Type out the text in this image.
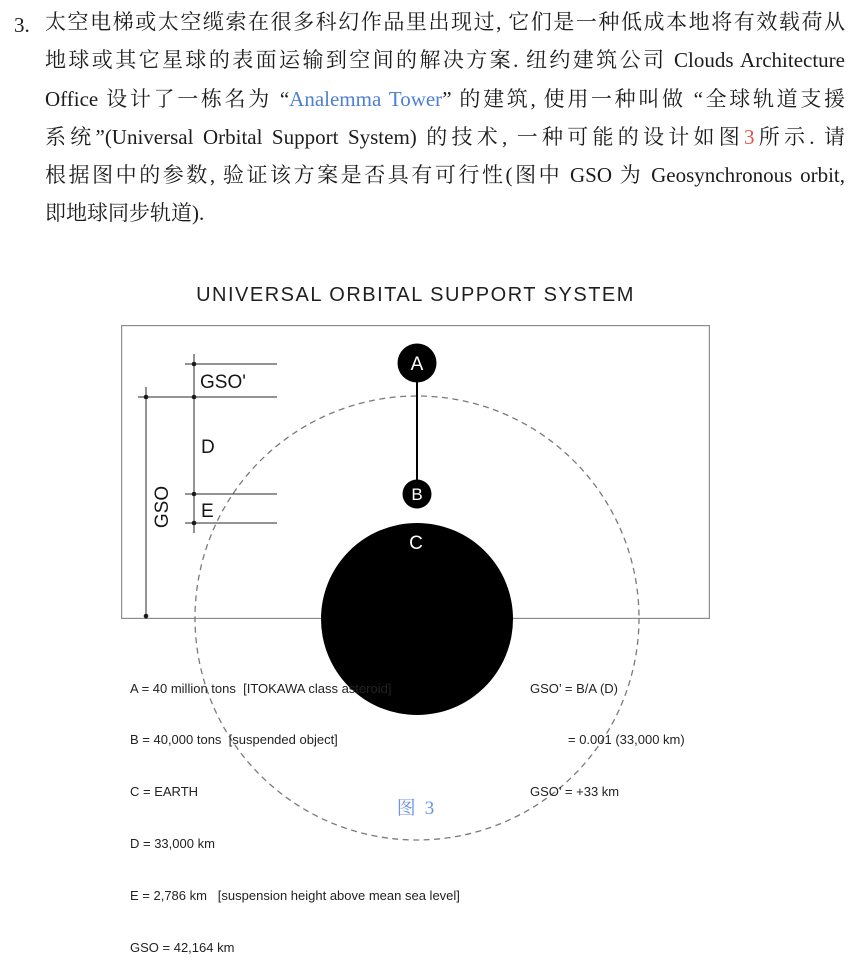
3. 太空电梯或太空缆索在很多科幻作品里出现过, 它们是一种低成本地将有效载荷从
地球或其它星球的表面运输到空间的解决方案. 纽约建筑公司 Clouds Architecture
Office 设计了一栋名为 “Analemma Tower” 的建筑, 使用一种叫做 “全球轨道支援
系统”(Universal Orbital Support System) 的技术, 一种可能的设计如图3所示. 请
根据图中的参数, 验证该方案是否具有可行性(图中 GSO 为 Geosynchronous orbit,
即地球同步轨道).
UNIVERSAL ORBITAL SUPPORT SYSTEM
A
B
C
GSO'
D
E
GSO

A = 40 million tons  [ITOKAWA class asteroid]

B = 40,000 tons  [suspended object]

C = EARTH

D = 33,000 km

E = 2,786 km   [suspension height above mean sea level]

GSO = 42,164 km

GSO’ = B/A (D)

= 0.001 (33,000 km)

GSO’ = +33 km

图 3
